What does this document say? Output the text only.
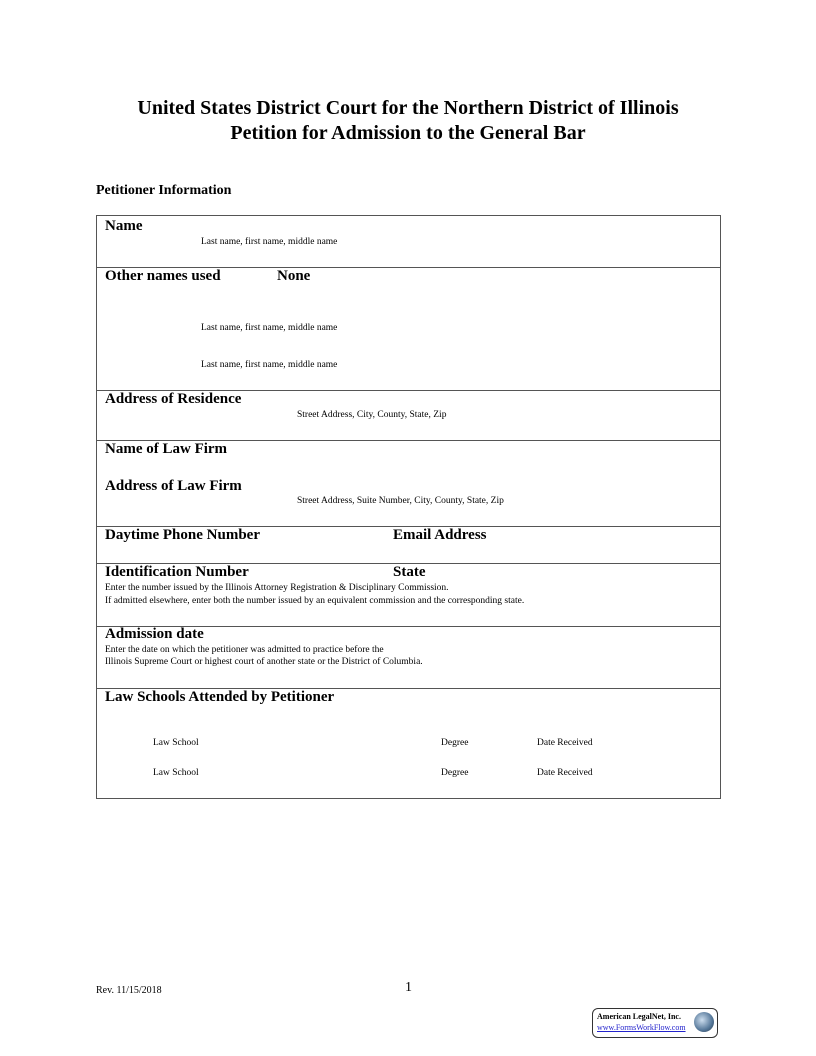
United States District Court for the Northern District of Illinois
Petition for Admission to the General Bar
Petitioner Information
Name
Last name, first name, middle name
Other names used	None
Last name, first name, middle name
Last name, first name, middle name
Address of Residence
Street Address, City, County, State, Zip
Name of Law Firm
Address of Law Firm
Street Address, Suite Number, City, County, State, Zip
Daytime Phone Number	Email Address
Identification Number	State
Enter the number issued by the Illinois Attorney Registration & Disciplinary Commission.
If admitted elsewhere, enter both the number issued by an equivalent commission and the corresponding state.
Admission date
Enter the date on which the petitioner was admitted to practice before the
Illinois Supreme Court or highest court of another state or the District of Columbia.
Law Schools Attended by Petitioner
Law School	Degree	Date Received
Law School	Degree	Date Received
Rev. 11/15/2018	1
American LegalNet, Inc.
www.FormsWorkFlow.com
